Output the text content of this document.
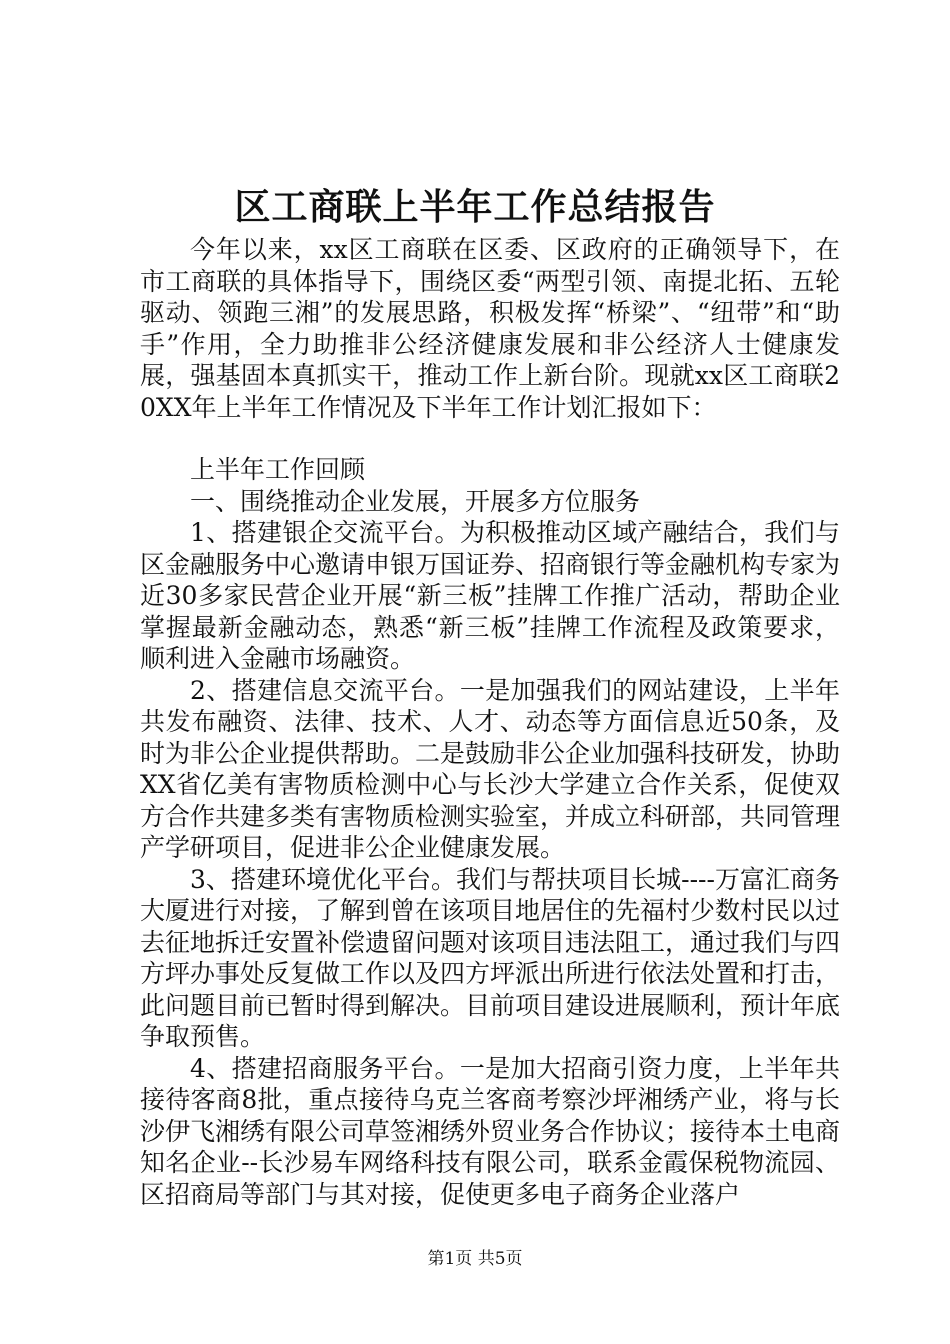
区工商联上半年工作总结报告

今年以来，xx区工商联在区委、区政府的正确领导下，在市工商联的具体指导下，围绕区委“两型引领、南提北拓、五轮驱动、领跑三湘”的发展思路，积极发挥“桥梁”、“纽带”和“助手”作用，全力助推非公经济健康发展和非公经济人士健康发展，强基固本真抓实干，推动工作上新台阶。现就xx区工商联20XX年上半年工作情况及下半年工作计划汇报如下：

上半年工作回顾

一、围绕推动企业发展，开展多方位服务

1、搭建银企交流平台。为积极推动区域产融结合，我们与区金融服务中心邀请申银万国证券、招商银行等金融机构专家为近30多家民营企业开展“新三板”挂牌工作推广活动，帮助企业掌握最新金融动态，熟悉“新三板”挂牌工作流程及政策要求，顺利进入金融市场融资。

2、搭建信息交流平台。一是加强我们的网站建设，上半年共发布融资、法律、技术、人才、动态等方面信息近50条，及时为非公企业提供帮助。二是鼓励非公企业加强科技研发，协助XX省亿美有害物质检测中心与长沙大学建立合作关系，促使双方合作共建多类有害物质检测实验室，并成立科研部，共同管理产学研项目，促进非公企业健康发展。

3、搭建环境优化平台。我们与帮扶项目长城----万富汇商务大厦进行对接，了解到曾在该项目地居住的先福村少数村民以过去征地拆迁安置补偿遗留问题对该项目违法阻工，通过我们与四方坪办事处反复做工作以及四方坪派出所进行依法处置和打击，此问题目前已暂时得到解决。目前项目建设进展顺利，预计年底争取预售。

4、搭建招商服务平台。一是加大招商引资力度，上半年共接待客商8批，重点接待乌克兰客商考察沙坪湘绣产业，将与长沙伊飞湘绣有限公司草签湘绣外贸业务合作协议；接待本土电商知名企业--长沙易车网络科技有限公司，联系金霞保税物流园、区招商局等部门与其对接，促使更多电子商务企业落户

第1页 共5页
